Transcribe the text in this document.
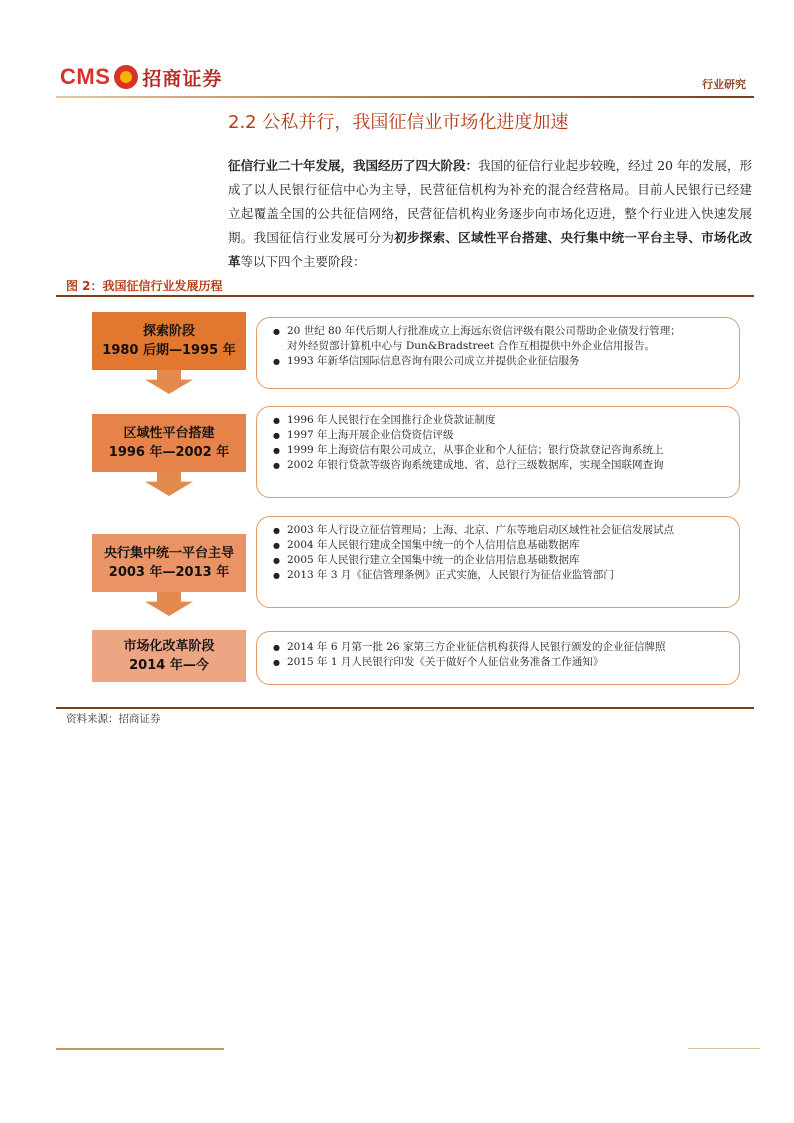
CMS 招商证券	行业研究
2.2 公私并行，我国征信业市场化进度加速
征信行业二十年发展，我国经历了四大阶段：我国的征信行业起步较晚，经过 20 年的发展，形成了以人民银行征信中心为主导，民营征信机构为补充的混合经营格局。目前人民银行已经建立起覆盖全国的公共征信网络，民营征信机构业务逐步向市场化迈进，整个行业进入快速发展期。我国征信行业发展可分为初步探索、区域性平台搭建、央行集中统一平台主导、市场化改革等以下四个主要阶段：
图 2：我国征信行业发展历程
探索阶段
1980 后期—1995 年
● 20 世纪 80 年代后期人行批准成立上海远东资信评级有限公司帮助企业债发行管理；
对外经贸部计算机中心与 Dun&Bradstreet 合作互相提供中外企业信用报告。
● 1993 年新华信国际信息咨询有限公司成立并提供企业征信服务
区域性平台搭建
1996 年—2002 年
● 1996 年人民银行在全国推行企业贷款证制度
● 1997 年上海开展企业信贷资信评级
● 1999 年上海资信有限公司成立，从事企业和个人征信；银行贷款登记咨询系统上
● 2002 年银行贷款等级咨询系统建成地、省、总行三级数据库，实现全国联网查询
央行集中统一平台主导
2003 年—2013 年
● 2003 年人行设立征信管理局；上海、北京、广东等地启动区域性社会征信发展试点
● 2004 年人民银行建成全国集中统一的个人信用信息基础数据库
● 2005 年人民银行建立全国集中统一的企业信用信息基础数据库
● 2013 年 3 月《征信管理条例》正式实施，人民银行为征信业监管部门
市场化改革阶段
2014 年—今
● 2014 年 6 月第一批 26 家第三方企业征信机构获得人民银行颁发的企业征信牌照
● 2015 年 1 月人民银行印发《关于做好个人征信业务准备工作通知》
资料来源：招商证券
